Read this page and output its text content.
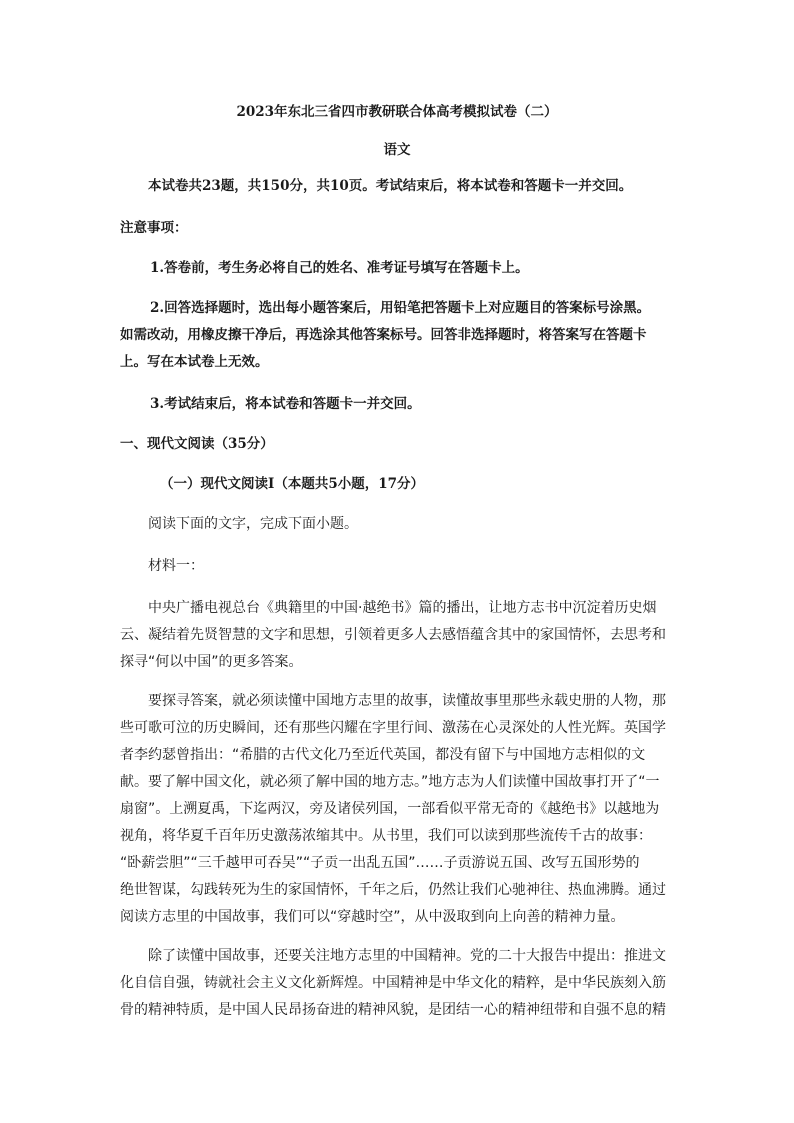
2023年东北三省四市教研联合体高考模拟试卷（二）
语文
本试卷共23题，共150分，共10页。考试结束后，将本试卷和答题卡一并交回。
注意事项：
1.答卷前，考生务必将自己的姓名、准考证号填写在答题卡上。
2.回答选择题时，选出每小题答案后，用铅笔把答题卡上对应题目的答案标号涂黑。
如需改动，用橡皮擦干净后，再选涂其他答案标号。回答非选择题时，将答案写在答题卡
上。写在本试卷上无效。
3.考试结束后，将本试卷和答题卡一并交回。
一、现代文阅读（35分）
（一）现代文阅读Ⅰ（本题共5小题，17分）
阅读下面的文字，完成下面小题。
材料一：
中央广播电视总台《典籍里的中国·越绝书》篇的播出，让地方志书中沉淀着历史烟
云、凝结着先贤智慧的文字和思想，引领着更多人去感悟蕴含其中的家国情怀，去思考和
探寻“何以中国”的更多答案。
要探寻答案，就必须读懂中国地方志里的故事，读懂故事里那些永载史册的人物，那
些可歌可泣的历史瞬间，还有那些闪耀在字里行间、激荡在心灵深处的人性光辉。英国学
者李约瑟曾指出：“希腊的古代文化乃至近代英国，都没有留下与中国地方志相似的文
献。要了解中国文化，就必须了解中国的地方志。”地方志为人们读懂中国故事打开了“一
扇窗”。上溯夏禹，下迄两汉，旁及诸侯列国，一部看似平常无奇的《越绝书》以越地为
视角，将华夏千百年历史激荡浓缩其中。从书里，我们可以读到那些流传千古的故事：
“卧薪尝胆”“三千越甲可吞吴”“子贡一出乱五国”……子贡游说五国、改写五国形势的
绝世智谋，勾践转死为生的家国情怀，千年之后，仍然让我们心驰神往、热血沸腾。通过
阅读方志里的中国故事，我们可以“穿越时空”，从中汲取到向上向善的精神力量。
除了读懂中国故事，还要关注地方志里的中国精神。党的二十大报告中提出：推进文
化自信自强，铸就社会主义文化新辉煌。中国精神是中华文化的精粹，是中华民族刻入筋
骨的精神特质，是中国人民昂扬奋进的精神风貌，是团结一心的精神纽带和自强不息的精
